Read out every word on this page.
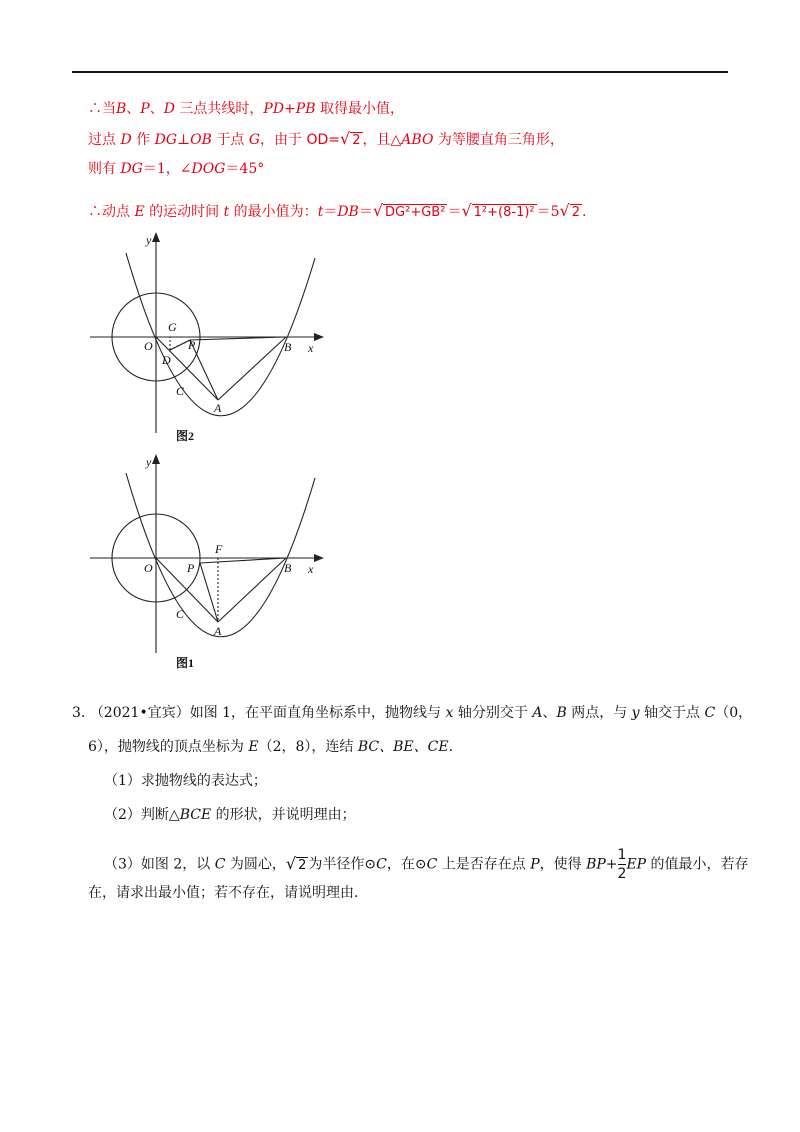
∴当B、P、D 三点共线时，PD+PB 取得最小值，
过点 D 作 DG⊥OB 于点 G，由于 OD=√ 2 ，且△ABO 为等腰直角三角形，
则有 DG＝1，∠DOG＝45°
∴动点 E 的运动时间 t 的最小值为：t＝DB＝√ DG²+GB² ＝√ 1²+(8-1)² ＝5√ 2 .
y
x
O
G
P
D
B
C
A
图2
y
x
O
F
P	B
C
A
图1
3. （2021•宜宾）如图 1，在平面直角坐标系中，抛物线与 x 轴分别交于 A、B 两点，与 y 轴交于点 C（0，
6），抛物线的顶点坐标为 E（2，8），连结 BC、BE、CE.
（1）求抛物线的表达式；
（2）判断△BCE 的形状，并说明理由；
（3）如图 2，以 C 为圆心，√ 2 为半径作⊙C，在⊙C 上是否存在点 P，使得 $BP+ \frac{1}{2}$ EP 的值最小，若存
在，请求出最小值；若不存在，请说明理由.
